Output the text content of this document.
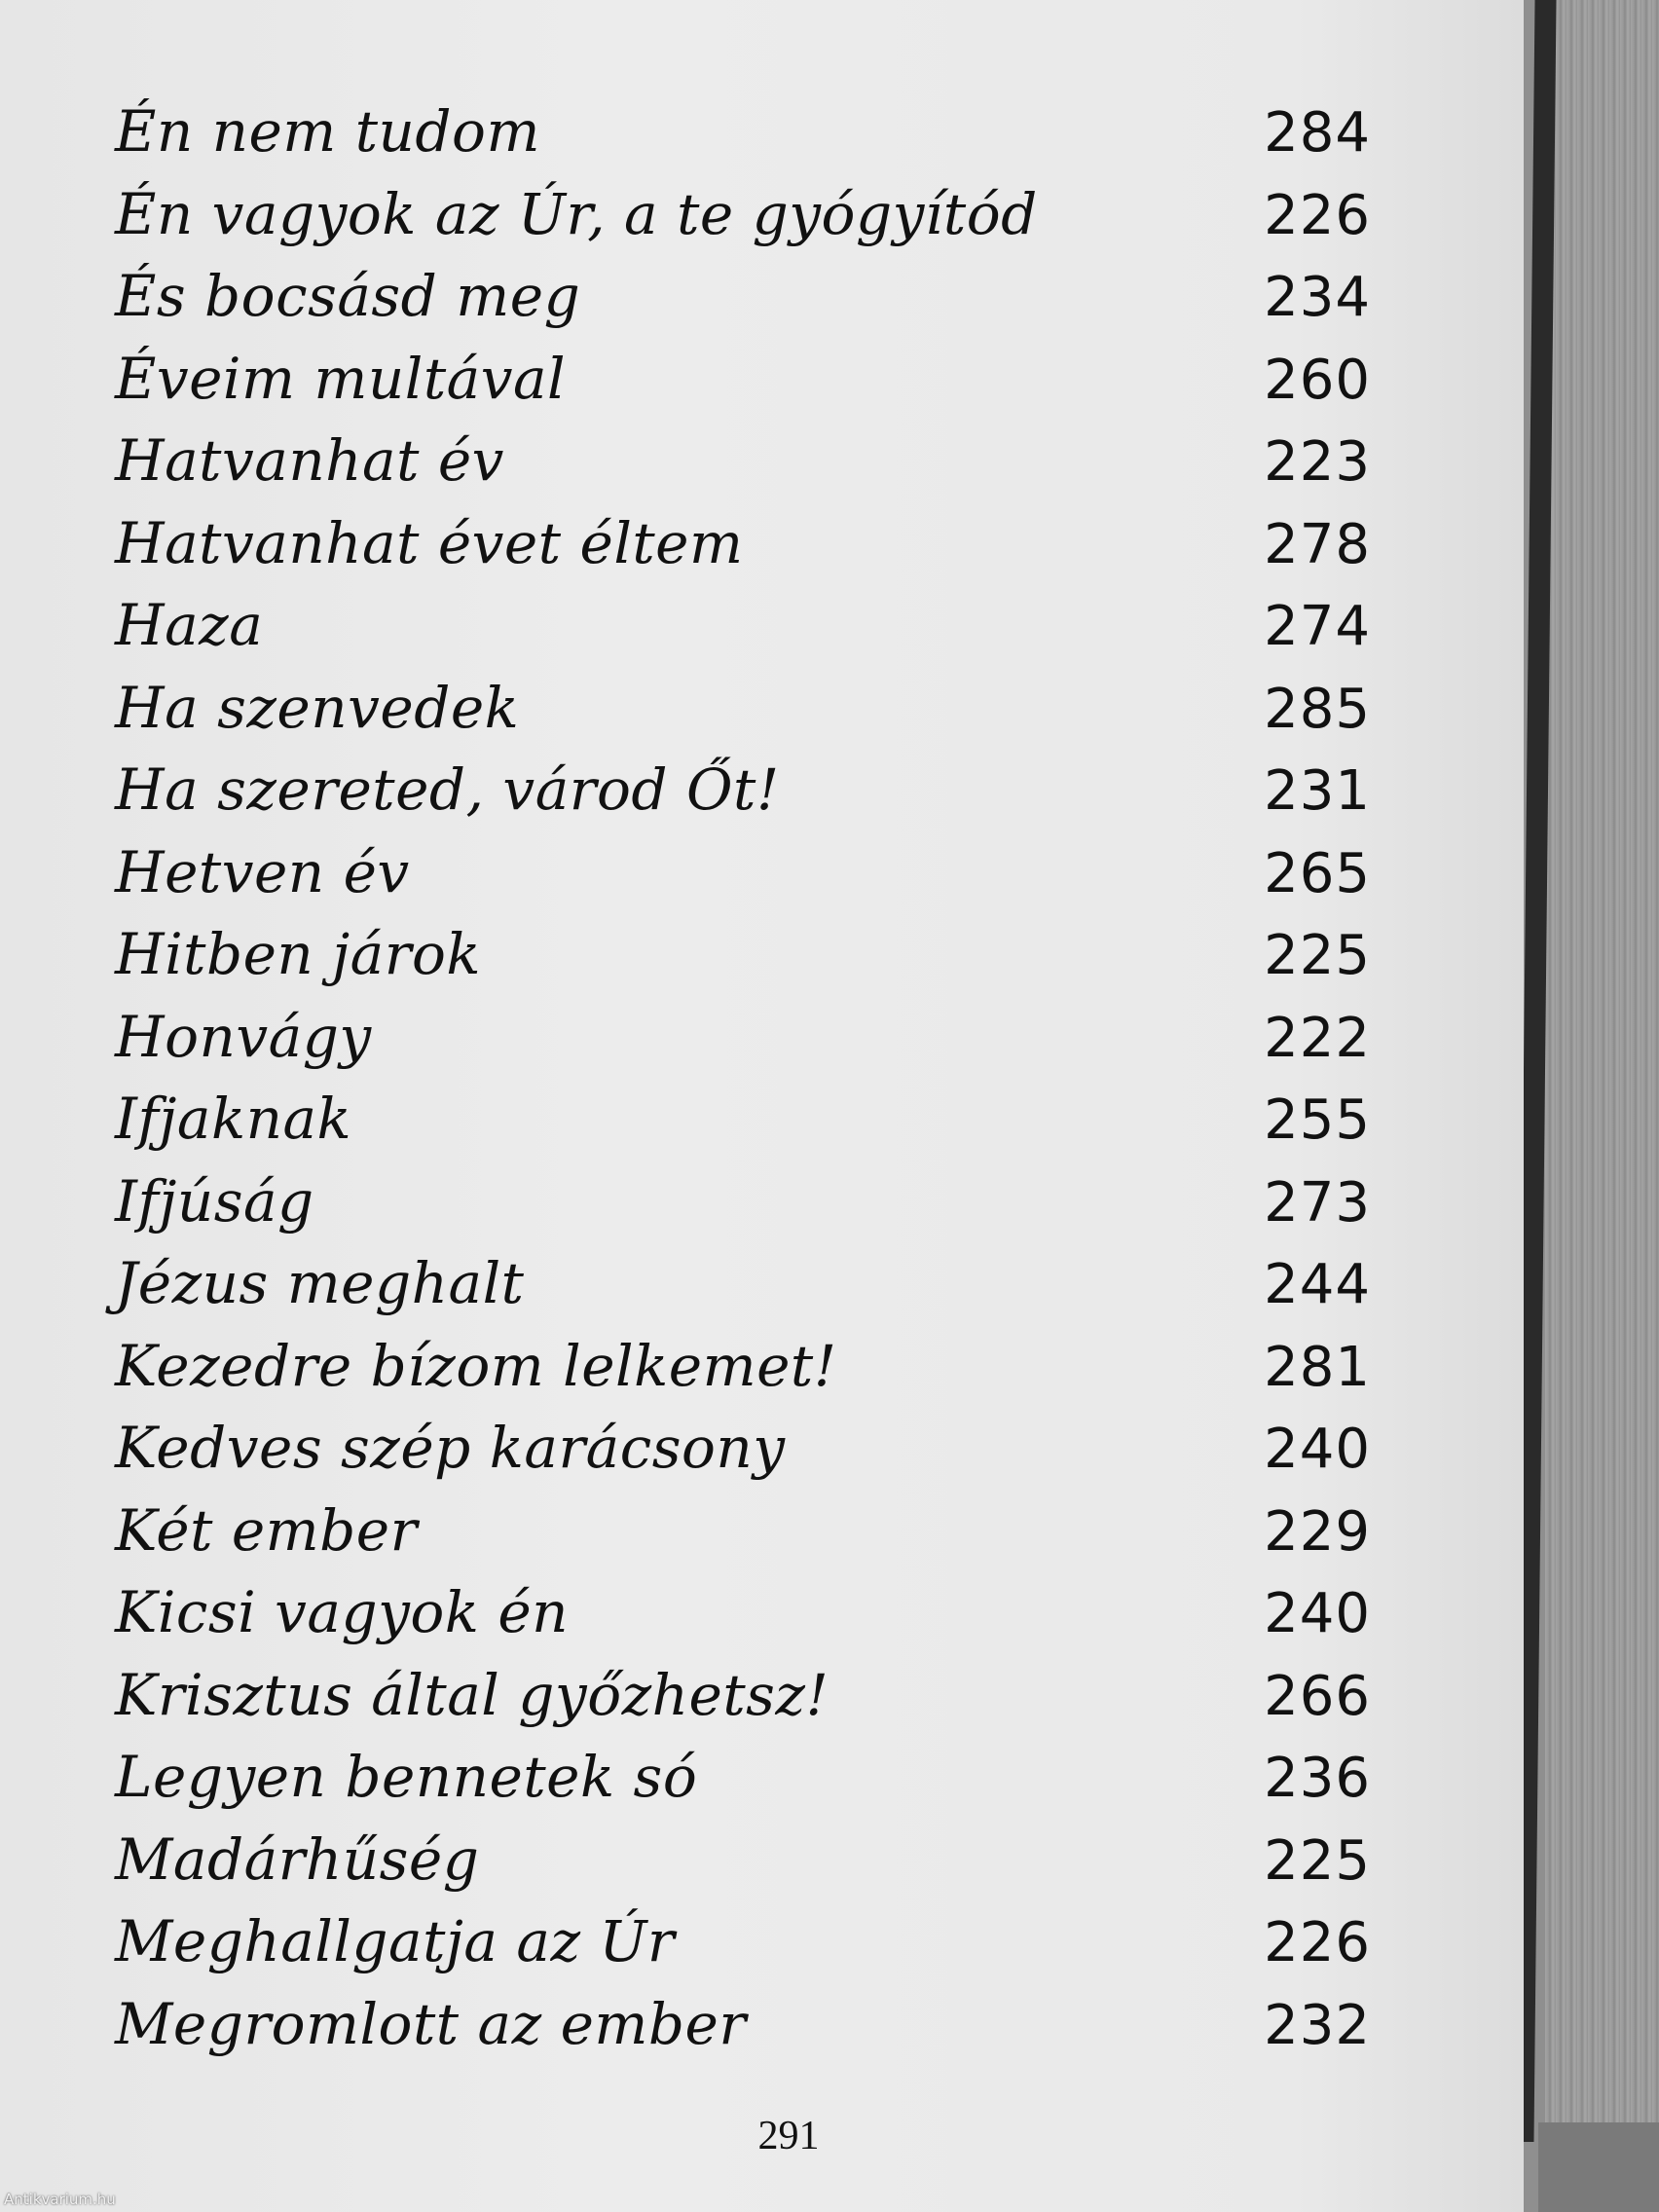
Én nem tudom	284
Én vagyok az Úr, a te gyógyítód	226
És bocsásd meg	234
Éveim multával	260
Hatvanhat év	223
Hatvanhat évet éltem	278
Haza	274
Ha szenvedek	285
Ha szereted, várod Őt!	231
Hetven év	265
Hitben járok	225
Honvágy	222
Ifjaknak	255
Ifjúság	273
Jézus meghalt	244
Kezedre bízom lelkemet!	281
Kedves szép karácsony	240
Két ember	229
Kicsi vagyok én	240
Krisztus által győzhetsz!	266
Legyen bennetek só	236
Madárhűség	225
Meghallgatja az Úr	226
Megromlott az ember	232
291
Antikvarium.hu
